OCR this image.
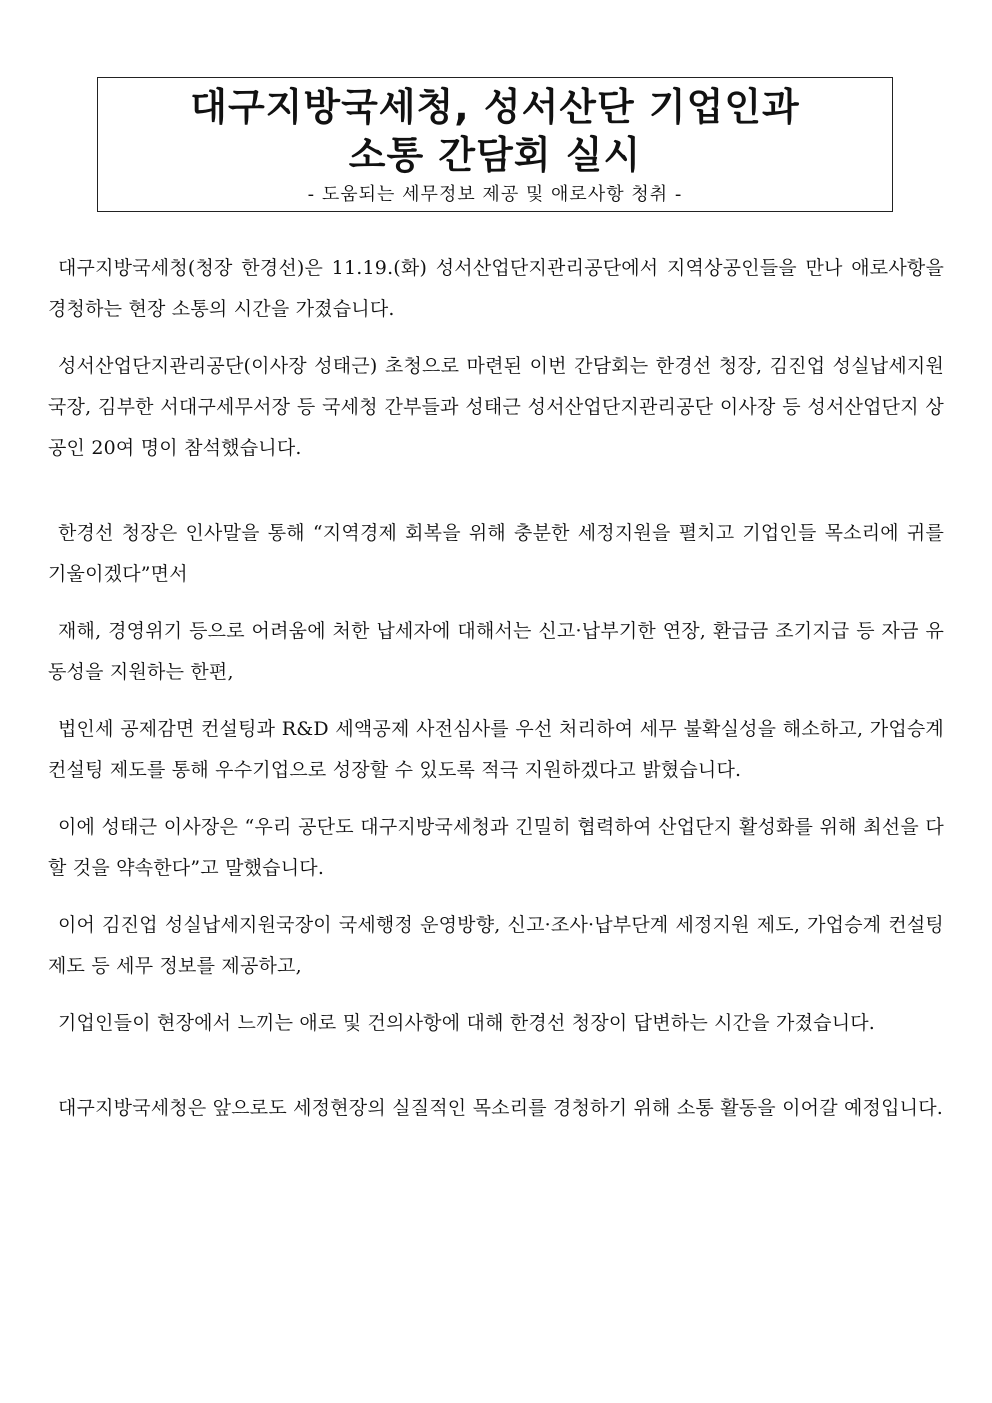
대구지방국세청, 성서산단 기업인과
소통 간담회 실시
- 도움되는 세무정보 제공 및 애로사항 청취 -

대구지방국세청(청장 한경선)은 11.19.(화) 성서산업단지관리공단에서 지역상공인들을 만나 애로사항을 경청하는 현장 소통의 시간을 가졌습니다.

성서산업단지관리공단(이사장 성태근) 초청으로 마련된 이번 간담회는 한경선 청장, 김진업 성실납세지원국장, 김부한 서대구세무서장 등 국세청 간부들과 성태근 성서산업단지관리공단 이사장 등 성서산업단지 상공인 20여 명이 참석했습니다.

한경선 청장은 인사말을 통해 “지역경제 회복을 위해 충분한 세정지원을 펼치고 기업인들 목소리에 귀를 기울이겠다”면서

재해, 경영위기 등으로 어려움에 처한 납세자에 대해서는 신고·납부기한 연장, 환급금 조기지급 등 자금 유동성을 지원하는 한편,

법인세 공제감면 컨설팅과 R&D 세액공제 사전심사를 우선 처리하여 세무 불확실성을 해소하고, 가업승계 컨설팅 제도를 통해 우수기업으로 성장할 수 있도록 적극 지원하겠다고 밝혔습니다.

이에 성태근 이사장은 “우리 공단도 대구지방국세청과 긴밀히 협력하여 산업단지 활성화를 위해 최선을 다할 것을 약속한다”고 말했습니다.

이어 김진업 성실납세지원국장이 국세행정 운영방향, 신고·조사·납부단계 세정지원 제도, 가업승계 컨설팅 제도 등 세무 정보를 제공하고,

기업인들이 현장에서 느끼는 애로 및 건의사항에 대해 한경선 청장이 답변하는 시간을 가졌습니다.

대구지방국세청은 앞으로도 세정현장의 실질적인 목소리를 경청하기 위해 소통 활동을 이어갈 예정입니다.
